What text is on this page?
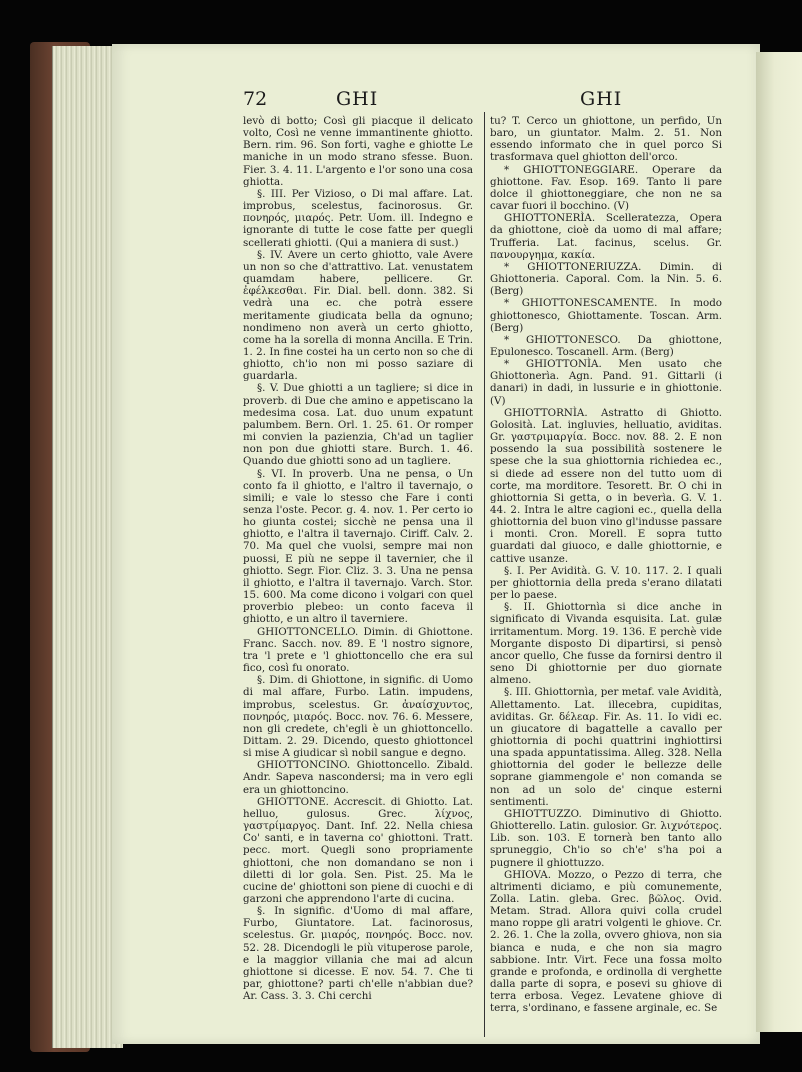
72	GHI	GHI

levò di botto; Così gli piacque il delicato volto, Così ne venne immantinente ghiotto. Bern. rim. 96. Son forti, vaghe e ghiotte Le maniche in un modo strano sfesse. Buon. Fier. 3. 4. 11. L'argento e l'or sono una cosa ghiotta.

§. III. Per Vizioso, o Di mal affare. Lat. improbus, scelestus, facinorosus. Gr. πονηρός, μιαρός. Petr. Uom. ill. Indegno e ignorante di tutte le cose fatte per quegli scellerati ghiotti. (Qui a maniera di sust.)

§. IV. Avere un certo ghiotto, vale Avere un non so che d'attrattivo. Lat. venustatem quamdam habere, pellicere. Gr. ἐφέλκεσθαι. Fir. Dial. bell. donn. 382. Si vedrà una ec. che potrà essere meritamente giudicata bella da ognuno; nondimeno non averà un certo ghiotto, come ha la sorella di monna Ancilla. E Trin. 1. 2. In fine costei ha un certo non so che di ghiotto, ch'io non mi posso saziare di guardarla.

§. V. Due ghiotti a un tagliere; si dice in proverb. di Due che amino e appetiscano la medesima cosa. Lat. duo unum expatunt palumbem. Bern. Orl. 1. 25. 61. Or romper mi convien la pazienzia, Ch'ad un taglier non pon due ghiotti stare. Burch. 1. 46. Quando due ghiotti sono ad un tagliere.

§. VI. In proverb. Una ne pensa, o Un conto fa il ghiotto, e l'altro il tavernajo, o simili; e vale lo stesso che Fare i conti senza l'oste. Pecor. g. 4. nov. 1. Per certo io ho giunta costei; sicchè ne pensa una il ghiotto, e l'altra il tavernajo. Ciriff. Calv. 2. 70. Ma quel che vuolsi, sempre mai non puossi, E più ne seppe il tavernier, che il ghiotto. Segr. Fior. Cliz. 3. 3. Una ne pensa il ghiotto, e l'altra il tavernajo. Varch. Stor. 15. 600. Ma come dicono i volgari con quel proverbio plebeo: un conto faceva il ghiotto, e un altro il taverniere.

GHIOTTONCELLO. Dimin. di Ghiottone. Franc. Sacch. nov. 89. E 'l nostro signore, tra 'l prete e 'l ghiottoncello che era sul fico, così fu onorato.

§. Dim. di Ghiottone, in signific. di Uomo di mal affare, Furbo. Latin. impudens, improbus, scelestus. Gr. ἀναίσχυντος, πονηρός, μιαρός. Bocc. nov. 76. 6. Messere, non gli credete, ch'egli è un ghiottoncello. Dittam. 2. 29. Dicendo, questo ghiottoncel si mise A giudicar sì nobil sangue e degno.

GHIOTTONCINO. Ghiottoncello. Zibald. Andr. Sapeva nascondersi; ma in vero egli era un ghiottoncino.

GHIOTTONE. Accrescit. di Ghiotto. Lat. helluo, gulosus. Grec. λίχνος, γαστρίμαργος. Dant. Inf. 22. Nella chiesa Co' santi, e in taverna co' ghiottoni. Tratt. pecc. mort. Quegli sono propriamente ghiottoni, che non domandano se non i diletti di lor gola. Sen. Pist. 25. Ma le cucine de' ghiottoni son piene di cuochi e di garzoni che apprendono l'arte di cucina.

§. In signific. d'Uomo di mal affare, Furbo, Giuntatore. Lat. facinorosus, scelestus. Gr. μιαρός, πονηρός. Bocc. nov. 52. 28. Dicendogli le più vituperose parole, e la maggior villania che mai ad alcun ghiottone si dicesse. E nov. 54. 7. Che ti par, ghiottone? parti ch'elle n'abbian due? Ar. Cass. 3. 3. Chi cerchi

tu? T. Cerco un ghiottone, un perfido, Un baro, un giuntator. Malm. 2. 51. Non essendo informato che in quel porco Si trasformava quel ghiotton dell'orco.

* GHIOTTONEGGIARE. Operare da ghiottone. Fav. Esop. 169. Tanto li pare dolce il ghiottoneggiare, che non ne sa cavar fuori il bocchino. (V)

GHIOTTONERÌA. Scelleratezza, Opera da ghiottone, cioè da uomo di mal affare; Trufferia. Lat. facinus, scelus. Gr. πανουργημα, κακία.

* GHIOTTONERIUZZA. Dimin. di Ghiottoneria. Caporal. Com. la Nin. 5. 6. (Berg)

* GHIOTTONESCAMENTE. In modo ghiottonesco, Ghiottamente. Toscan. Arm. (Berg)

* GHIOTTONESCO. Da ghiottone, Epulonesco. Toscanell. Arm. (Berg)

* GHIOTTONÌA. Men usato che Ghiottonerìa. Agn. Pand. 91. Gittarli (i danari) in dadi, in lussurie e in ghiottonie. (V)

GHIOTTORNÌA. Astratto di Ghiotto. Golosità. Lat. ingluvies, helluatio, aviditas. Gr. γαστριμαργία. Bocc. nov. 88. 2. E non possendo la sua possibilità sostenere le spese che la sua ghiottornia richiedea ec., si diede ad essere non del tutto uom di corte, ma morditore. Tesorett. Br. O chi in ghiottornia Si getta, o in beverìa. G. V. 1. 44. 2. Intra le altre cagioni ec., quella della ghiottornia del buon vino gl'indusse passare i monti. Cron. Morell. E sopra tutto guardati dal giuoco, e dalle ghiottornie, e cattive usanze.

§. I. Per Avidità. G. V. 10. 117. 2. I quali per ghiottornia della preda s'erano dilatati per lo paese.

§. II. Ghiottornìa si dice anche in significato di Vivanda esquisita. Lat. gulæ irritamentum. Morg. 19. 136. E perchè vide Morgante disposto Di dipartirsi, si pensò ancor quello, Che fusse da fornirsi dentro il seno Di ghiottornie per duo giornate almeno.

§. III. Ghiottornìa, per metaf. vale Avidità, Allettamento. Lat. illecebra, cupiditas, aviditas. Gr. δέλεαρ. Fir. As. 11. Io vidi ec. un giucatore di bagattelle a cavallo per ghiottornia di pochi quattrini inghiottirsi una spada appuntatissima. Alleg. 328. Nella ghiottornia del goder le bellezze delle soprane giammengole e' non comanda se non ad un solo de' cinque esterni sentimenti.

GHIOTTUZZO. Diminutivo di Ghiotto. Ghiotterello. Latin. gulosior. Gr. λιχνότερος. Lib. son. 103. E tornerà ben tanto allo spruneggio, Ch'io so ch'e' s'ha poi a pugnere il ghiottuzzo.

GHIOVA. Mozzo, o Pezzo di terra, che altrimenti diciamo, e più comunemente, Zolla. Latin. gleba. Grec. βῶλος. Ovid. Metam. Strad. Allora quivi colla crudel mano roppe gli aratri volgenti le ghiove. Cr. 2. 26. 1. Che la zolla, ovvero ghiova, non sia bianca e nuda, e che non sia magro sabbione. Intr. Virt. Fece una fossa molto grande e profonda, e ordinolla di verghette dalla parte di sopra, e posevi su ghiove di terra erbosa. Vegez. Levatene ghiove di terra, s'ordinano, e fassene arginale, ec. Se
